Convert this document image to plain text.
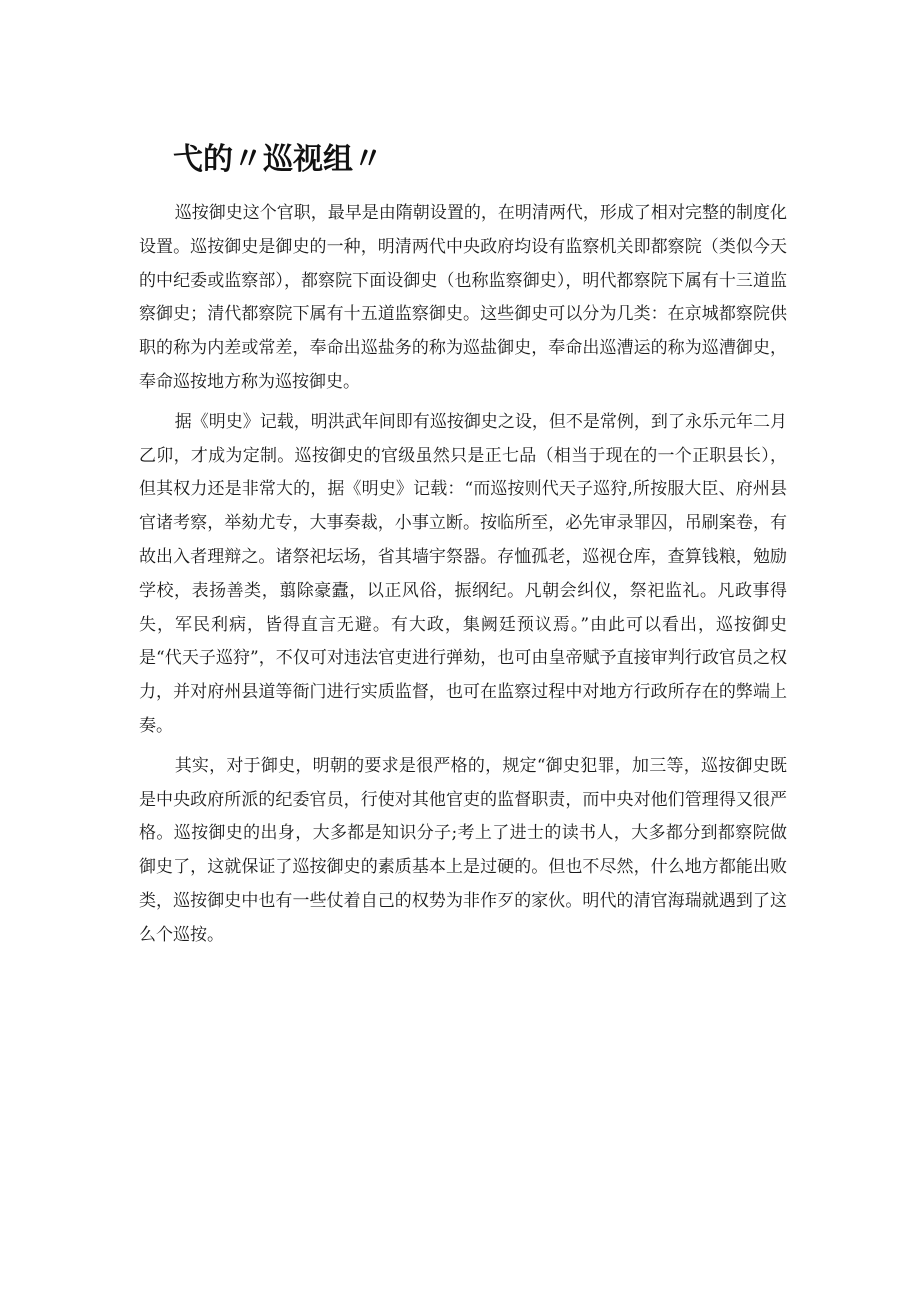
弋的〃巡视组〃

巡按御史这个官职，最早是由隋朝设置的，在明清两代，形成了相对完整的制度化设置。巡按御史是御史的一种，明清两代中央政府均设有监察机关即都察院（类似今天的中纪委或监察部），都察院下面设御史（也称监察御史），明代都察院下属有十三道监察御史；清代都察院下属有十五道监察御史。这些御史可以分为几类：在京城都察院供职的称为内差或常差，奉命出巡盐务的称为巡盐御史，奉命出巡漕运的称为巡漕御史，奉命巡按地方称为巡按御史。

据《明史》记载，明洪武年间即有巡按御史之设，但不是常例，到了永乐元年二月乙卯，才成为定制。巡按御史的官级虽然只是正七品（相当于现在的一个正职县长），但其权力还是非常大的，据《明史》记载：“而巡按则代天子巡狩,所按服大臣、府州县官诸考察，举劾尤专，大事奏裁，小事立断。按临所至，必先审录罪囚，吊刷案卷，有故出入者理辩之。诸祭祀坛场，省其墙宇祭器。存恤孤老，巡视仓库，查算钱粮，勉励学校，表扬善类，翦除豪蠹，以正风俗，振纲纪。凡朝会纠仪，祭祀监礼。凡政事得失，军民利病，皆得直言无避。有大政，集阙廷预议焉。”由此可以看出，巡按御史是“代天子巡狩”，不仅可对违法官吏进行弹劾，也可由皇帝赋予直接审判行政官员之权力，并对府州县道等衙门进行实质监督，也可在监察过程中对地方行政所存在的弊端上奏。

其实，对于御史，明朝的要求是很严格的，规定“御史犯罪，加三等，巡按御史既是中央政府所派的纪委官员，行使对其他官吏的监督职责，而中央对他们管理得又很严格。巡按御史的出身，大多都是知识分子;考上了进士的读书人，大多都分到都察院做御史了，这就保证了巡按御史的素质基本上是过硬的。但也不尽然，什么地方都能出败类，巡按御史中也有一些仗着自己的权势为非作歹的家伙。明代的清官海瑞就遇到了这么个巡按。
